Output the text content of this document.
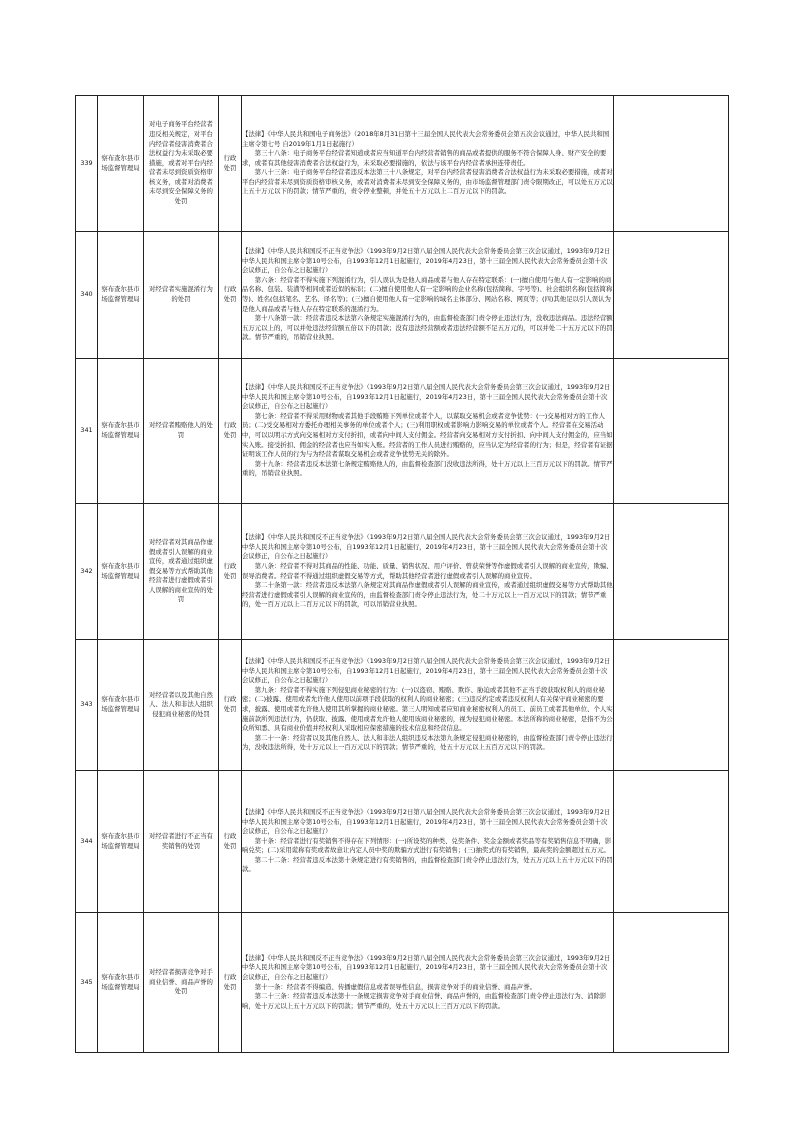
339	察布查尔县市场监督管理局	对电子商务平台经营者违反相关规定，对平台内经营者侵害消费者合法权益行为未采取必要措施，或者对平台内经营者未尽到资质资格审核义务，或者对消费者未尽到安全保障义务的处罚	行政处罚	【法律】《中华人民共和国电子商务法》（2018年8月31日第十三届全国人民代表大会常务委员会第五次会议通过，中华人民共和国主席令第七号 自2019年1月1日起施行）
第三十八条：电子商务平台经营者知道或者应当知道平台内经营者销售的商品或者提供的服务不符合保障人身、财产安全的要求，或者有其他侵害消费者合法权益行为，未采取必要措施的，依法与该平台内经营者承担连带责任。
第八十三条：电子商务平台经营者违反本法第三十八条规定，对平台内经营者侵害消费者合法权益行为未采取必要措施，或者对平台内经营者未尽到资质资格审核义务，或者对消费者未尽到安全保障义务的，由市场监督管理部门责令限期改正，可以处五万元以上五十万元以下的罚款；情节严重的，责令停业整顿，并处五十万元以上二百万元以下的罚款。	

340	察布查尔县市场监督管理局	对经营者实施混淆行为的处罚	行政处罚	【法律】《中华人民共和国反不正当竞争法》（1993年9月2日第八届全国人民代表大会常务委员会第三次会议通过，1993年9月2日中华人民共和国主席令第10号公布，自1993年12月1日起施行，2019年4月23日，第十三届全国人民代表大会常务委员会第十次会议修正，自公布之日起施行）
第六条：经营者不得实施下列混淆行为，引人误认为是他人商品或者与他人存在特定联系：(一)擅自使用与他人有一定影响的商品名称、包装、装潢等相同或者近似的标识；(二)擅自使用他人有一定影响的企业名称(包括简称、字号等)、社会组织名称(包括简称等)、姓名(包括笔名、艺名、译名等)；(三)擅自使用他人有一定影响的域名主体部分、网站名称、网页等；(四)其他足以引人误认为是他人商品或者与他人存在特定联系的混淆行为。
第十八条第一款：经营者违反本法第六条规定实施混淆行为的，由监督检查部门责令停止违法行为，没收违法商品。违法经营额五万元以上的，可以并处违法经营额五倍以下的罚款；没有违法经营额或者违法经营额不足五万元的，可以并处二十五万元以下的罚款。情节严重的，吊销营业执照。	

341	察布查尔县市场监督管理局	对经营者贿赂他人的处罚	行政处罚	【法律】《中华人民共和国反不正当竞争法》（1993年9月2日第八届全国人民代表大会常务委员会第三次会议通过，1993年9月2日中华人民共和国主席令第10号公布，自1993年12月1日起施行，2019年4月23日，第十三届全国人民代表大会常务委员会第十次会议修正，自公布之日起施行）
第七条：经营者不得采用财物或者其他手段贿赂下列单位或者个人，以谋取交易机会或者竞争优势：(一)交易相对方的工作人员；(二)受交易相对方委托办理相关事务的单位或者个人；(三)利用职权或者影响力影响交易的单位或者个人。经营者在交易活动中，可以以明示方式向交易相对方支付折扣，或者向中间人支付佣金。经营者向交易相对方支付折扣、向中间人支付佣金的，应当如实入账。接受折扣、佣金的经营者也应当如实入账。经营者的工作人员进行贿赂的，应当认定为经营者的行为；但是，经营者有证据证明该工作人员的行为与为经营者谋取交易机会或者竞争优势无关的除外。
第十九条：经营者违反本法第七条规定贿赂他人的，由监督检查部门没收违法所得，处十万元以上三百万元以下的罚款。情节严重的，吊销营业执照。	

342	察布查尔县市场监督管理局	对经营者对其商品作虚假或者引人误解的商业宣传，或者通过组织虚假交易等方式帮助其他经营者进行虚假或者引人误解的商业宣传的处罚	行政处罚	【法律】《中华人民共和国反不正当竞争法》（1993年9月2日第八届全国人民代表大会常务委员会第三次会议通过，1993年9月2日中华人民共和国主席令第10号公布，自1993年12月1日起施行，2019年4月23日，第十三届全国人民代表大会常务委员会第十次会议修正，自公布之日起施行）
第八条：经营者不得对其商品的性能、功能、质量、销售状况、用户评价、曾获荣誉等作虚假或者引人误解的商业宣传，欺骗、误导消费者。经营者不得通过组织虚假交易等方式，帮助其他经营者进行虚假或者引人误解的商业宣传。
第二十条第一款：经营者违反本法第八条规定对其商品作虚假或者引人误解的商业宣传，或者通过组织虚假交易等方式帮助其他经营者进行虚假或者引人误解的商业宣传的，由监督检查部门责令停止违法行为，处二十万元以上一百万元以下的罚款；情节严重的，处一百万元以上二百万元以下的罚款，可以吊销营业执照。	

343	察布查尔县市场监督管理局	对经营者以及其他自然人、法人和非法人组织侵犯商业秘密的处罚	行政处罚	【法律】《中华人民共和国反不正当竞争法》（1993年9月2日第八届全国人民代表大会常务委员会第三次会议通过，1993年9月2日中华人民共和国主席令第10号公布，自1993年12月1日起施行，2019年4月23日，第十三届全国人民代表大会常务委员会第十次会议修正，自公布之日起施行）
第九条：经营者不得实施下列侵犯商业秘密的行为：(一)以盗窃、贿赂、欺诈、胁迫或者其他不正当手段获取权利人的商业秘密；(二)披露、使用或者允许他人使用以前项手段获取的权利人的商业秘密；(三)违反约定或者违反权利人有关保守商业秘密的要求，披露、使用或者允许他人使用其所掌握的商业秘密。第三人明知或者应知商业秘密权利人的员工、前员工或者其他单位、个人实施前款所列违法行为，仍获取、披露、使用或者允许他人使用该商业秘密的，视为侵犯商业秘密。本法所称的商业秘密，是指不为公众所知悉、具有商业价值并经权利人采取相应保密措施的技术信息和经营信息。
第二十一条：经营者以及其他自然人、法人和非法人组织违反本法第九条规定侵犯商业秘密的，由监督检查部门责令停止违法行为，没收违法所得，处十万元以上一百万元以下的罚款；情节严重的，处五十万元以上五百万元以下的罚款。	

344	察布查尔县市场监督管理局	对经营者进行不正当有奖销售的处罚	行政处罚	【法律】《中华人民共和国反不正当竞争法》（1993年9月2日第八届全国人民代表大会常务委员会第三次会议通过，1993年9月2日中华人民共和国主席令第10号公布，自1993年12月1日起施行，2019年4月23日，第十三届全国人民代表大会常务委员会第十次会议修正，自公布之日起施行）
第十条：经营者进行有奖销售不得存在下列情形：(一)所设奖的种类、兑奖条件、奖金金额或者奖品等有奖销售信息不明确，影响兑奖；(二)采用谎称有奖或者故意让内定人员中奖的欺骗方式进行有奖销售；(三)抽奖式的有奖销售，最高奖的金额超过五万元。
第二十二条：经营者违反本法第十条规定进行有奖销售的，由监督检查部门责令停止违法行为，处五万元以上五十万元以下的罚款。	

345	察布查尔县市场监督管理局	对经营者损害竞争对手商业信誉、商品声誉的处罚	行政处罚	【法律】《中华人民共和国反不正当竞争法》（1993年9月2日第八届全国人民代表大会常务委员会第三次会议通过，1993年9月2日中华人民共和国主席令第10号公布，自1993年12月1日起施行，2019年4月23日，第十三届全国人民代表大会常务委员会第十次会议修正，自公布之日起施行）
第十一条：经营者不得编造、传播虚假信息或者误导性信息，损害竞争对手的商业信誉、商品声誉。
第二十三条：经营者违反本法第十一条规定损害竞争对手商业信誉、商品声誉的，由监督检查部门责令停止违法行为、消除影响，处十万元以上五十万元以下的罚款；情节严重的，处五十万元以上三百万元以下的罚款。	
